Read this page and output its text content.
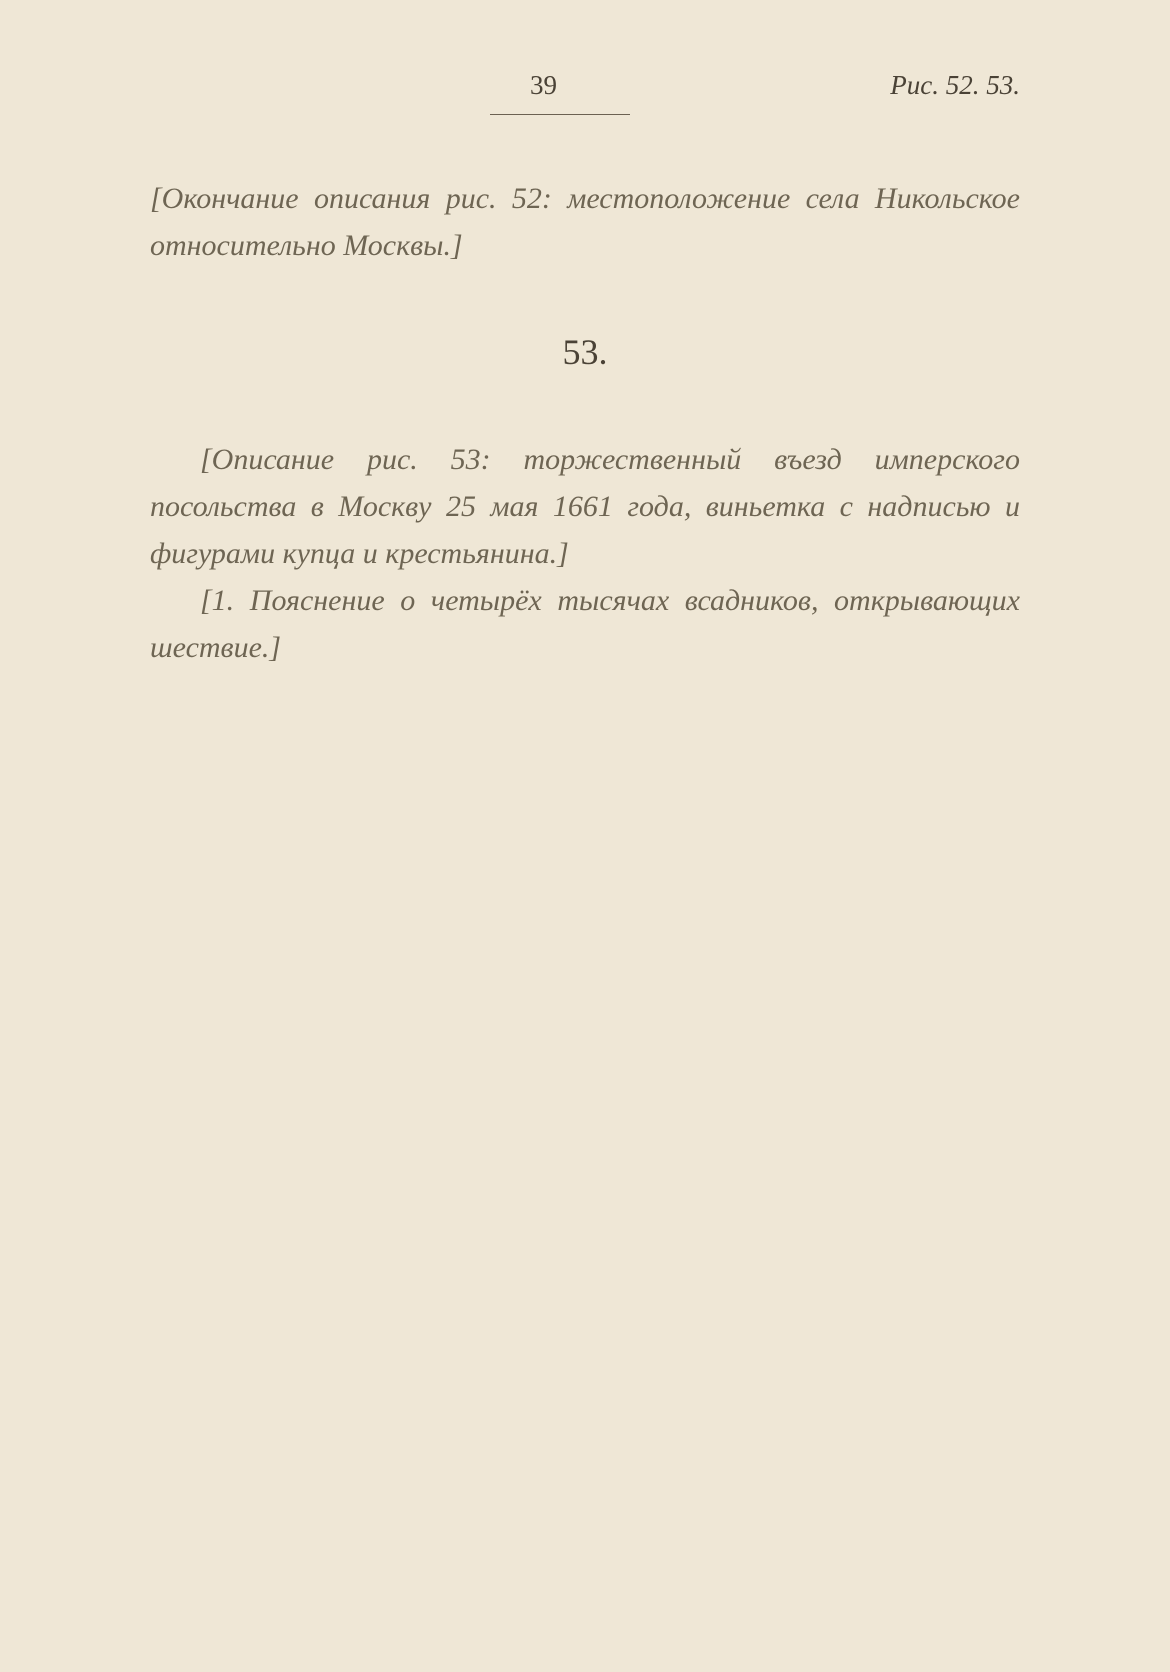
39	Рис. 52. 53.

[Окончание описания рис. 52: местоположение села Никольское относительно Москвы.]

53.

[Описание рис. 53: торжественный въезд имперского посольства в Москву 25 мая 1661 года, виньетка с надписью и фигурами купца и крестьянина.]

[1. Пояснение о четырёх тысячах всадников, открывающих шествие.]
